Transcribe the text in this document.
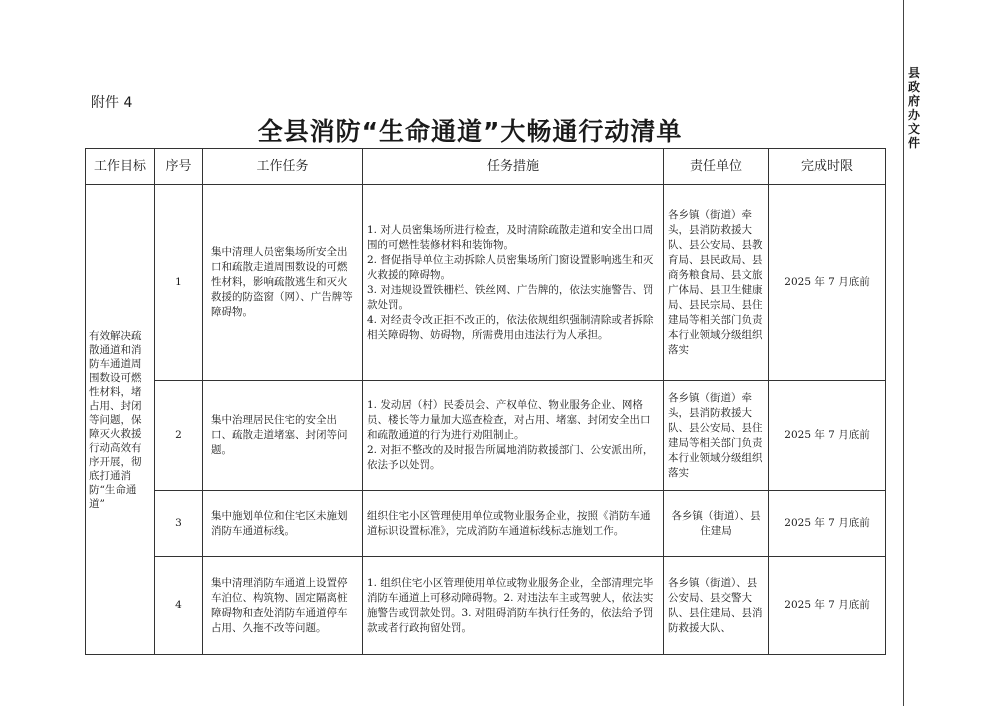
附件 4
全县消防“生命通道”大畅通行动清单
县政府办文件
工作目标	序号	工作任务	任务措施	责任单位	完成时限
有效解决疏散通道和消防车通道周围数设可燃性材料，堵占用、封闭等问题，保障灭火救援行动高效有序开展，彻底打通消防“生命通道”	1	集中清理人员密集场所安全出口和疏散走道周围数设的可燃性材料，影响疏散逃生和灭火救援的防盗窗（网）、广告牌等障碍物。	1. 对人员密集场所进行检查，及时清除疏散走道和安全出口周围的可燃性装修材料和装饰物。
2. 督促指导单位主动拆除人员密集场所门窗设置影响逃生和灭火救援的障碍物。
3. 对违规设置铁栅栏、铁丝网、广告牌的，依法实施警告、罚款处罚。
4. 对经责令改正拒不改正的，依法依规组织强制清除或者拆除相关障碍物、妨碍物，所需费用由违法行为人承担。	各乡镇（街道）牵头，县消防救援大队、县公安局、县教育局、县民政局、县商务粮食局、县文旅广体局、县卫生健康局、县民宗局、县住建局等相关部门负责本行业领域分级组织落实	2025 年 7 月底前
	2	集中治理居民住宅的安全出口、疏散走道堵塞、封闭等问题。	1. 发动居（村）民委员会、产权单位、物业服务企业、网格员、楼长等力量加大巡查检查，对占用、堵塞、封闭安全出口和疏散通道的行为进行劝阻制止。
2. 对拒不整改的及时报告所属地消防救援部门、公安派出所，依法予以处罚。	各乡镇（街道）牵头，县消防救援大队、县公安局、县住建局等相关部门负责本行业领域分级组织落实	2025 年 7 月底前
	3	集中施划单位和住宅区未施划消防车通道标线。	组织住宅小区管理使用单位或物业服务企业，按照《消防车通道标识设置标准》，完成消防车通道标线标志施划工作。	各乡镇（街道）、县住建局	2025 年 7 月底前
	4	集中清理消防车通道上设置停车泊位、构筑物、固定隔离桩障碍物和查处消防车通道停车占用、久拖不改等问题。	1. 组织住宅小区管理使用单位或物业服务企业，全部清理完毕消防车通道上可移动障碍物。2. 对违法车主或驾驶人，依法实施警告或罚款处罚。3. 对阻碍消防车执行任务的，依法给予罚款或者行政拘留处罚。	各乡镇（街道）、县公安局、县交警大队、县住建局、县消防救援大队、	2025 年 7 月底前
